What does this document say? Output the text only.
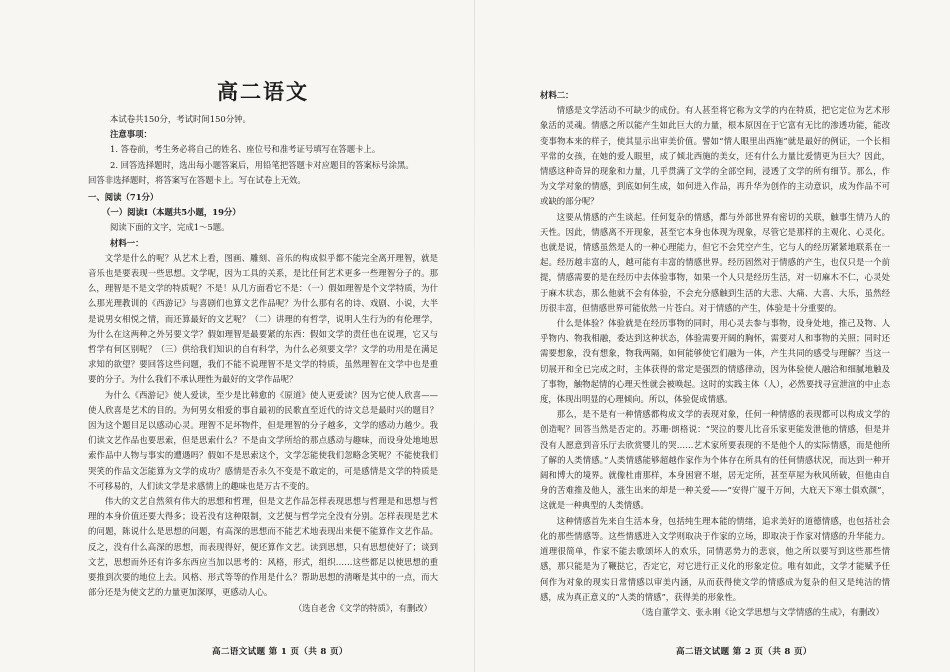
高二语文
本试卷共150分，考试时间150分钟。
注意事项：
1. 答卷前，考生务必将自己的姓名、座位号和准考证号填写在答题卡上。
2. 回答选择题时，选出每小题答案后，用铅笔把答题卡对应题目的答案标号涂黑。
回答非选择题时，将答案写在答题卡上。写在试卷上无效。
一、阅读（71分）
（一）阅读Ⅰ（本题共5小题，19分）
阅读下面的文字，完成1～5题。
材料一：

文学是什么的呢？从艺术上看，图画、雕刻、音乐的构成似乎都不能完全离开理智，就是音乐也是要表现一些思想。文学呢，因为工具的关系，是比任何艺术更多一些理智分子的。那么，理智是不是文学的特质呢？不是！从几方面看它不是：（一）假如理智是个文学特质，为什么那光理教训的《西游记》与喜剧们也算文艺作品呢？为什么那有名的诗、戏剧、小说，大半是说男女相悦之情，而还算最好的文艺呢？（二）讲理的有哲学，说明人生行为的有伦理学，为什么在这两种之外另要文学？假如理智是最要紧的东西：假如文学的责任也在说理，它又与哲学有何区别呢？（三）供给我们知识的自有科学，为什么必须要文学？文学的功用是在满足求知的欲望？要回答这些问题，我们不能不说理智不是文学的特质，虽然理智在文学中也是重要的分子。为什么我们不承认理性为最好的文学作品呢？

为什么《西游记》使人爱读，至少是比韩愈的《原道》使人更爱读？因为它使人欣喜——使人欣喜是艺术的目的。为何男女相爱的事自最初的民歌直至近代的诗文总是最时兴的题目？因为这个题目足以感动心灵。理智不足坏物件，但是理智的分子越多，文学的感动力越少。我们读文艺作品也要思索，但是思索什么？不是由文学所给的那点感动与趣味，而设身处地地思索作品中人物与事实的遭遇吗？假如不是思索这个，文学怎能使我们忽略念笑呢？不能使我们哭笑的作品文怎能算为文学的成功？感情是否永久不变是不敢定的，可是感情是文学的特质是不可移易的，人们读文学是求感情上的趣味也是万古不变的。

伟大的文艺自然须有伟大的思想和哲理，但是文艺作品怎样表现思想与哲理是和思想与哲理的本身价值还要大得多；设若没有这种限制，文艺便与哲学完全没有分别。怎样表现是艺术的问题，陈说什么是思想的问题，有高深的思想而不能艺术地表现出来便不能算作文艺作品。反之，没有什么高深的思想，而表现得好，便还算作文艺。读到思想，只有思想使好了；谈到文艺，思想而外还有许多东西应当加以思考的：风格，形式，组织……这些都足以使思想的重要推到次要的地位上去。风格、形式等等的作用是什么？帮助思想的清晰是其中的一点，而大部分还是为使文艺的力量更加深厚，更感动人心。

（选自老舍《文学的特质》，有删改）

高二语文试题 第 1 页（共 8 页）
材料二：

情感是文学活动不可缺少的成份。有人甚至将它称为文学的内在特质，把它定位为艺术形象活的灵魂。情感之所以能产生如此巨大的力量，根本原因在于它富有无比的渗透功能，能改变事物本来的样子，使其显示出审美价值。譬如“情人眼里出西施”就是最好的例证，一个长相平常的女孩，在她的爱人眼里，成了倾北西施的美女，还有什么力量比爱情更为巨大？因此，情感这种奇异的现象和力量，几乎贯满了文学的全部空间，浸透了文学的所有细节。那么，作为文学对象的情感，到底如何生成，如何进入作品，再升华为创作的主动意识，成为作品不可或缺的部分呢？

这要从情感的产生谈起。任何复杂的情感，都与外部世界有密切的关联，触事生情乃人的天性。因此，情感离不开现象，甚至它本身也体现为现象，尽管它是那样的主观化、心灵化。也就是说，情感虽然是人的一种心理能力，但它不会凭空产生，它与人的经历紧紧地联系在一起。经历越丰富的人，越可能有丰富的情感世界。经历固然对于情感的产生，也仅只是一个前提，情感需要的是在经历中去体验事物，如果一个人只是经历生活，对一切麻木不仁，心灵处于麻木状态，那么他就不会有体验，不会充分感触到生活的大悲、大痛、大喜、大乐，虽然经历很丰富，但情感世界可能依然一片苍白。对于情感的产生，体验是十分重要的。

什么是体验？体验就是在经历事物的同时，用心灵去参与事物，设身处地，推己及物、人乎物内、物我相融，委达到这种状态，体验需要开阔的胸怀，需要对人和事物的关照；同时还需要想象，没有想象，物我两隔，如何能够使它们融为一体，产生共同的感受与理解？当这一切展开和全已完成之时，主体获得的常定是强烈的情感律动，因为体验使人融洽和细腻地触及了事物，触物起情的心理天性就会被唤起。这时的实践主体（人），必然要找寻宣泄渲的中止态度，体现出明显的心理倾向。所以，体验促成情感。

那么，是不是有一种情感都构成文学的表现对象，任何一种情感的表现都可以构成文学的创造呢？回答当然是否定的。苏珊·朗格说：“哭泣的婴儿比音乐家更能发泄他的情感，但是并没有人愿意到音乐厅去欣赏婴儿的哭……艺术家所要表现的不是他个人的实际情感，而是他所了解的人类情感。”人类情感能够超越作家作为个体存在所具有的任何情感状况，而达到一种开阔和博大的境界。就像杜甫那样，本身困窘不堪，居无定所，甚至草屋为秋风所破，但他由自身的苦难推及他人，涨生出来的却是一种关爱——“安得广厦千万间，大庇天下寒士俱欢颜”，这就是一种典型的人类情感。

这种情感首先来自生活本身，包括纯生理本能的情绪，追求美好的道德情感，也包括社会化的那些情感等。这些情感进入文学则取决于作家的立场，即取决于作家对情感的升华能力。道理很简单，作家不能去歌颂坏人的欢乐，同情恶势力的悲哀，他之所以要写到这些那些情感，那只能是为了鞭挞它，否定它，对它进行正义化的形象定位。唯有如此，文学才能赋予任何作为对象的现实日常情感以审美内涵，从而获得使文学的情感成为复杂的但又是纯洁的情感，成为真正意义的“人类的情感”，获得美的形象性。

（选自董学文、张永刚《论文学思想与文学情感的生成》，有删改）

高二语文试题 第 2 页（共 8 页）
